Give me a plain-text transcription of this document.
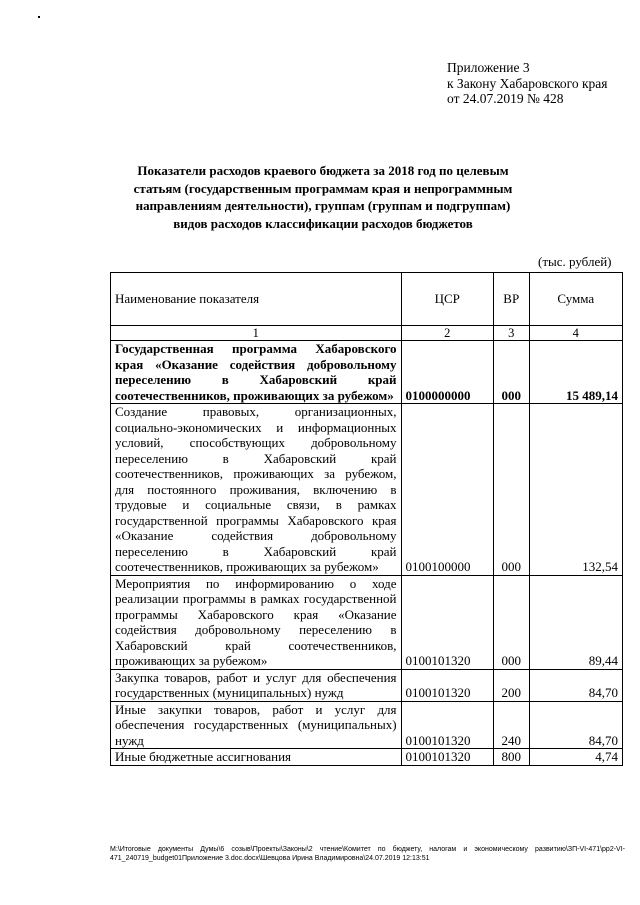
Приложение 3
к Закону Хабаровского края
от 24.07.2019 № 428
Показатели расходов краевого бюджета за 2018 год по целевым статьям (государственным программам края и непрограммным направлениям деятельности), группам (группам и подгруппам) видов расходов классификации расходов бюджетов
(тыс. рублей)
Наименование показателя	ЦСР	ВР	Сумма
1	2	3	4
Государственная программа Хабаровского края «Оказание содействия добровольному переселению в Хабаровский край соотечественников, проживающих за рубежом»	0100000000	000	15 489,14
Создание правовых, организационных, социально-экономических и информационных условий, способствующих добровольному переселению в Хабаровский край соотечественников, проживающих за рубежом, для постоянного проживания, включению в трудовые и социальные связи, в рамках государственной программы Хабаровского края «Оказание содействия добровольному переселению в Хабаровский край соотечественников, проживающих за рубежом»	0100100000	000	132,54
Мероприятия по информированию о ходе реализации программы в рамках государственной программы Хабаровского края «Оказание содействия добровольному переселению в Хабаровский край соотечественников, проживающих за рубежом»	0100101320	000	89,44
Закупка товаров, работ и услуг для обеспечения государственных (муниципальных) нужд	0100101320	200	84,70
Иные закупки товаров, работ и услуг для обеспечения государственных (муниципальных) нужд	0100101320	240	84,70
Иные бюджетные ассигнования	0100101320	800	4,74
М:\Итоговые документы Думы\6 созыв\Проекты\Законы\2 чтение\Комитет по бюджету, налогам и экономическому развитию\ЗП-VI-471\рр2-VI-471_240719_budget01Приложение 3.doc.docx\Шевцова Ирина Владимировна\24.07.2019 12:13:51
